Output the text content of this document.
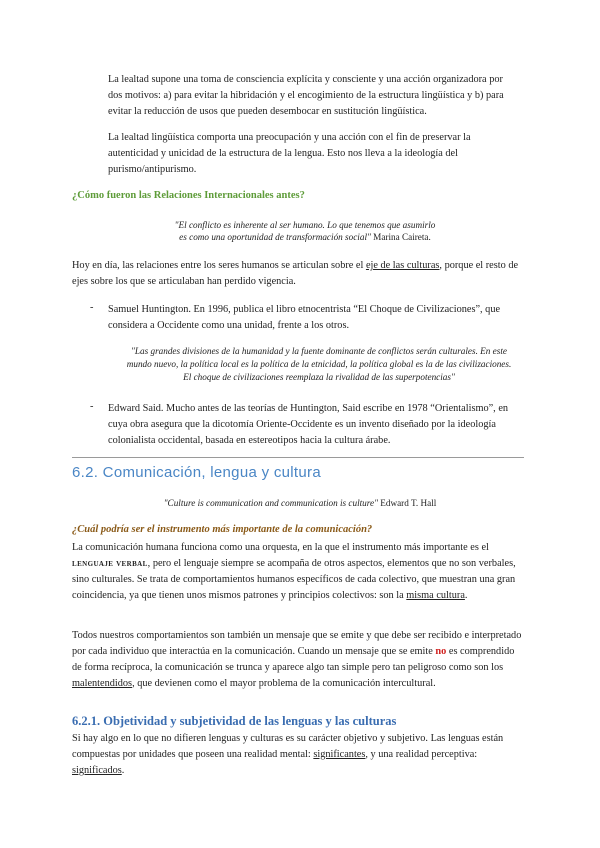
La lealtad supone una toma de consciencia explícita y consciente y una acción organizadora por dos motivos: a) para evitar la hibridación y el encogimiento de la estructura lingüística y b) para evitar la reducción de usos que pueden desembocar en sustitución lingüística.
La lealtad lingüística comporta una preocupación y una acción con el fin de preservar la autenticidad y unicidad de la estructura de la lengua. Esto nos lleva a la ideología del purismo/antipurismo.
¿Cómo fueron las Relaciones Internacionales antes?
"El conflicto es inherente al ser humano. Lo que tenemos que asumirlo
es como una oportunidad de transformación social" Marina Caireta.
Hoy en día, las relaciones entre los seres humanos se articulan sobre el eje de las culturas, porque el resto de ejes sobre los que se articulaban han perdido vigencia.
- Samuel Huntington. En 1996, publica el libro etnocentrista “El Choque de Civilizaciones”, que considera a Occidente como una unidad, frente a los otros.
"Las grandes divisiones de la humanidad y la fuente dominante de conflictos serán culturales. En este mundo nuevo, la política local es la política de la etnicidad, la política global es la de las civilizaciones. El choque de civilizaciones reemplaza la rivalidad de las superpotencias"
- Edward Said. Mucho antes de las teorías de Huntington, Said escribe en 1978 “Orientalismo”, en cuya obra asegura que la dicotomía Oriente-Occidente es un invento diseñado por la ideología colonialista occidental, basada en estereotipos hacia la cultura árabe.
6.2. Comunicación, lengua y cultura
"Culture is communication and communication is culture" Edward T. Hall
¿Cuál podría ser el instrumento más importante de la comunicación?
La comunicación humana funciona como una orquesta, en la que el instrumento más importante es el lenguaje verbal, pero el lenguaje siempre se acompaña de otros aspectos, elementos que no son verbales, sino culturales. Se trata de comportamientos humanos específicos de cada colectivo, que muestran una gran coincidencia, ya que tienen unos mismos patrones y principios colectivos: son la misma cultura.
Todos nuestros comportamientos son también un mensaje que se emite y que debe ser recibido e interpretado por cada individuo que interactúa en la comunicación. Cuando un mensaje que se emite no es comprendido de forma recíproca, la comunicación se trunca y aparece algo tan simple pero tan peligroso como son los malentendidos, que devienen como el mayor problema de la comunicación intercultural.
6.2.1. Objetividad y subjetividad de las lenguas y las culturas
Si hay algo en lo que no difieren lenguas y culturas es su carácter objetivo y subjetivo. Las lenguas están compuestas por unidades que poseen una realidad mental: significantes, y una realidad perceptiva: significados.
